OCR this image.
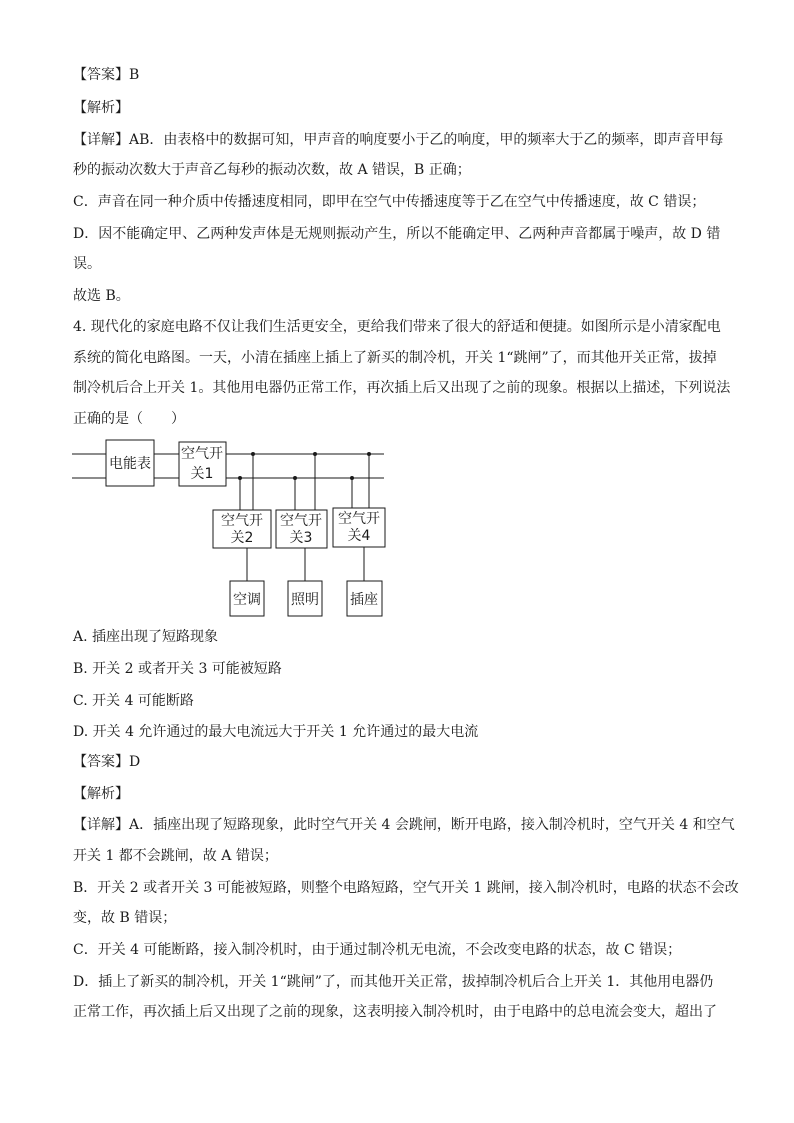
【答案】B
【解析】
【详解】AB．由表格中的数据可知，甲声音的响度要小于乙的响度，甲的频率大于乙的频率，即声音甲每
秒的振动次数大于声音乙每秒的振动次数，故 A 错误，B 正确；
C．声音在同一种介质中传播速度相同，即甲在空气中传播速度等于乙在空气中传播速度，故 C 错误；
D．因不能确定甲、乙两种发声体是无规则振动产生，所以不能确定甲、乙两种声音都属于噪声，故 D 错
误。
故选 B。
4. 现代化的家庭电路不仅让我们生活更安全，更给我们带来了很大的舒适和便捷。如图所示是小清家配电
系统的简化电路图。一天，小清在插座上插上了新买的制冷机，开关 1“跳闸”了，而其他开关正常，拔掉
制冷机后合上开关 1。其他用电器仍正常工作，再次插上后又出现了之前的现象。根据以上描述，下列说法
正确的是（　　）
电能表
空气开
关1
空气开
关2
空气开
关3
空气开
关4
空调 照明 插座
A. 插座出现了短路现象
B. 开关 2 或者开关 3 可能被短路
C. 开关 4 可能断路
D. 开关 4 允许通过的最大电流远大于开关 1 允许通过的最大电流
【答案】D
【解析】
【详解】A．插座出现了短路现象，此时空气开关 4 会跳闸，断开电路，接入制冷机时，空气开关 4 和空气
开关 1 都不会跳闸，故 A 错误；
B．开关 2 或者开关 3 可能被短路，则整个电路短路，空气开关 1 跳闸，接入制冷机时，电路的状态不会改
变，故 B 错误；
C．开关 4 可能断路，接入制冷机时，由于通过制冷机无电流，不会改变电路的状态，故 C 错误；
D．插上了新买的制冷机，开关 1“跳闸”了，而其他开关正常，拔掉制冷机后合上开关 1．其他用电器仍
正常工作，再次插上后又出现了之前的现象，这表明接入制冷机时，由于电路中的总电流会变大，超出了
